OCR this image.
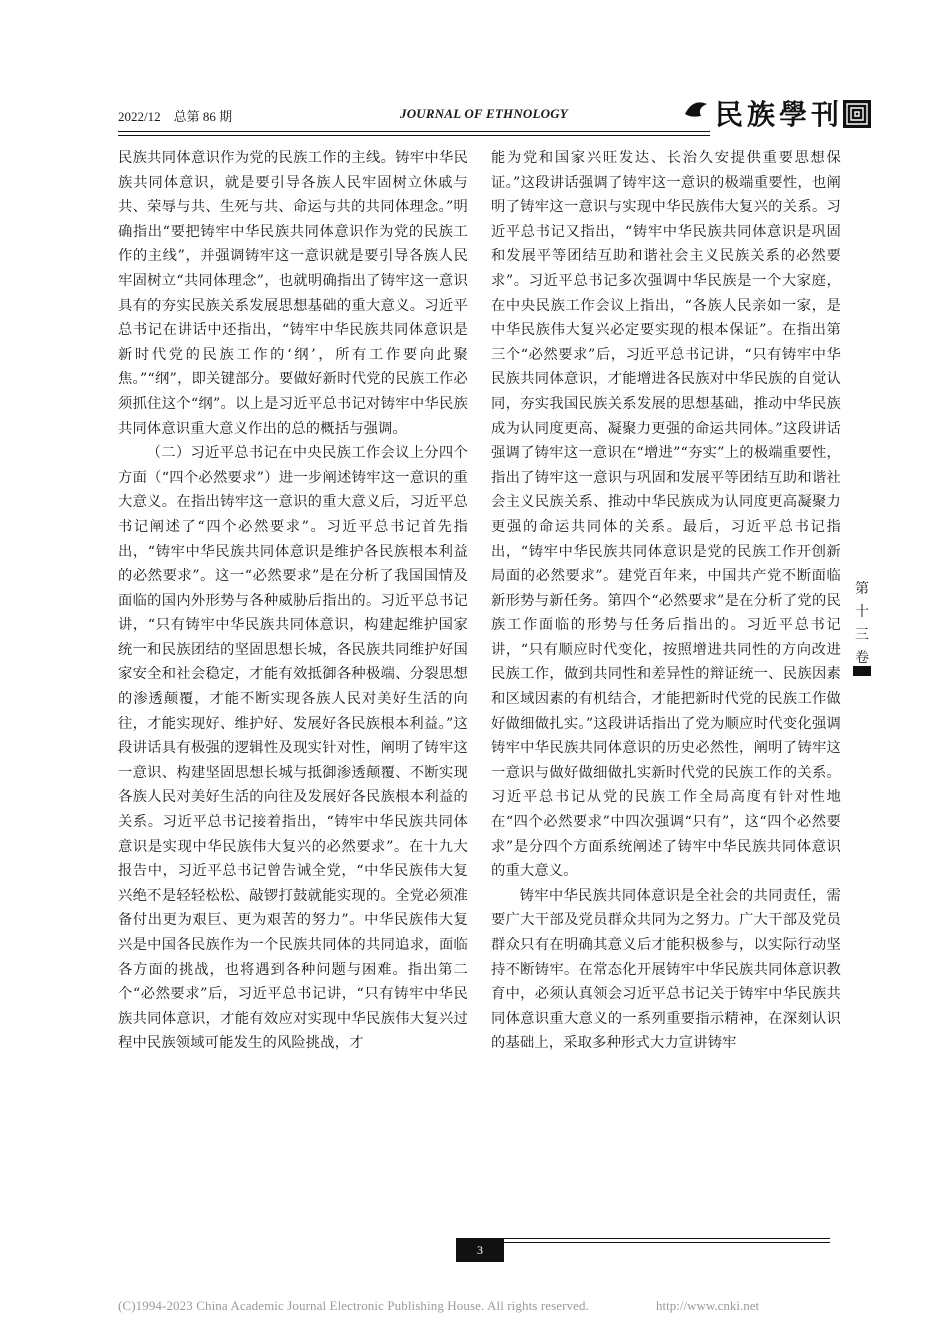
2022/12　总第 86 期	JOURNAL OF ETHNOLOGY	民族學刊

民族共同体意识作为党的民族工作的主线。铸牢中华民族共同体意识，就是要引导各族人民牢固树立休戚与共、荣辱与共、生死与共、命运与共的共同体理念。”明确指出“要把铸牢中华民族共同体意识作为党的民族工作的主线”，并强调铸牢这一意识就是要引导各族人民牢固树立“共同体理念”，也就明确指出了铸牢这一意识具有的夯实民族关系发展思想基础的重大意义。习近平总书记在讲话中还指出，“铸牢中华民族共同体意识是新时代党的民族工作的‘纲’，所有工作要向此聚焦。”“纲”，即关键部分。要做好新时代党的民族工作必须抓住这个“纲”。以上是习近平总书记对铸牢中华民族共同体意识重大意义作出的总的概括与强调。

（二）习近平总书记在中央民族工作会议上分四个方面（“四个必然要求”）进一步阐述铸牢这一意识的重大意义。在指出铸牢这一意识的重大意义后，习近平总书记阐述了“四个必然要求”。习近平总书记首先指出，“铸牢中华民族共同体意识是维护各民族根本利益的必然要求”。这一“必然要求”是在分析了我国国情及面临的国内外形势与各种威胁后指出的。习近平总书记讲，“只有铸牢中华民族共同体意识，构建起维护国家统一和民族团结的坚固思想长城，各民族共同维护好国家安全和社会稳定，才能有效抵御各种极端、分裂思想的渗透颠覆，才能不断实现各族人民对美好生活的向往，才能实现好、维护好、发展好各民族根本利益。”这段讲话具有极强的逻辑性及现实针对性，阐明了铸牢这一意识、构建坚固思想长城与抵御渗透颠覆、不断实现各族人民对美好生活的向往及发展好各民族根本利益的关系。习近平总书记接着指出，“铸牢中华民族共同体意识是实现中华民族伟大复兴的必然要求”。在十九大报告中，习近平总书记曾告诫全党，“中华民族伟大复兴绝不是轻轻松松、敲锣打鼓就能实现的。全党必须准备付出更为艰巨、更为艰苦的努力”。中华民族伟大复兴是中国各民族作为一个民族共同体的共同追求，面临各方面的挑战，也将遇到各种问题与困难。指出第二个“必然要求”后，习近平总书记讲，“只有铸牢中华民族共同体意识，才能有效应对实现中华民族伟大复兴过程中民族领域可能发生的风险挑战，才

能为党和国家兴旺发达、长治久安提供重要思想保证。”这段讲话强调了铸牢这一意识的极端重要性，也阐明了铸牢这一意识与实现中华民族伟大复兴的关系。习近平总书记又指出，“铸牢中华民族共同体意识是巩固和发展平等团结互助和谐社会主义民族关系的必然要求”。习近平总书记多次强调中华民族是一个大家庭，在中央民族工作会议上指出，“各族人民亲如一家，是中华民族伟大复兴必定要实现的根本保证”。在指出第三个“必然要求”后，习近平总书记讲，“只有铸牢中华民族共同体意识，才能增进各民族对中华民族的自觉认同，夯实我国民族关系发展的思想基础，推动中华民族成为认同度更高、凝聚力更强的命运共同体。”这段讲话强调了铸牢这一意识在“增进”“夯实”上的极端重要性，指出了铸牢这一意识与巩固和发展平等团结互助和谐社会主义民族关系、推动中华民族成为认同度更高凝聚力更强的命运共同体的关系。最后，习近平总书记指出，“铸牢中华民族共同体意识是党的民族工作开创新局面的必然要求”。建党百年来，中国共产党不断面临新形势与新任务。第四个“必然要求”是在分析了党的民族工作面临的形势与任务后指出的。习近平总书记讲，“只有顺应时代变化，按照增进共同性的方向改进民族工作，做到共同性和差异性的辩证统一、民族因素和区域因素的有机结合，才能把新时代党的民族工作做好做细做扎实。”这段讲话指出了党为顺应时代变化强调铸牢中华民族共同体意识的历史必然性，阐明了铸牢这一意识与做好做细做扎实新时代党的民族工作的关系。习近平总书记从党的民族工作全局高度有针对性地在“四个必然要求”中四次强调“只有”，这“四个必然要求”是分四个方面系统阐述了铸牢中华民族共同体意识的重大意义。

铸牢中华民族共同体意识是全社会的共同责任，需要广大干部及党员群众共同为之努力。广大干部及党员群众只有在明确其意义后才能积极参与，以实际行动坚持不断铸牢。在常态化开展铸牢中华民族共同体意识教育中，必须认真领会习近平总书记关于铸牢中华民族共同体意识重大意义的一系列重要指示精神，在深刻认识的基础上，采取多种形式大力宣讲铸牢

第
十
三
卷
3
(C)1994-2023 China Academic Journal Electronic Publishing House. All rights reserved.	http://www.cnki.net
